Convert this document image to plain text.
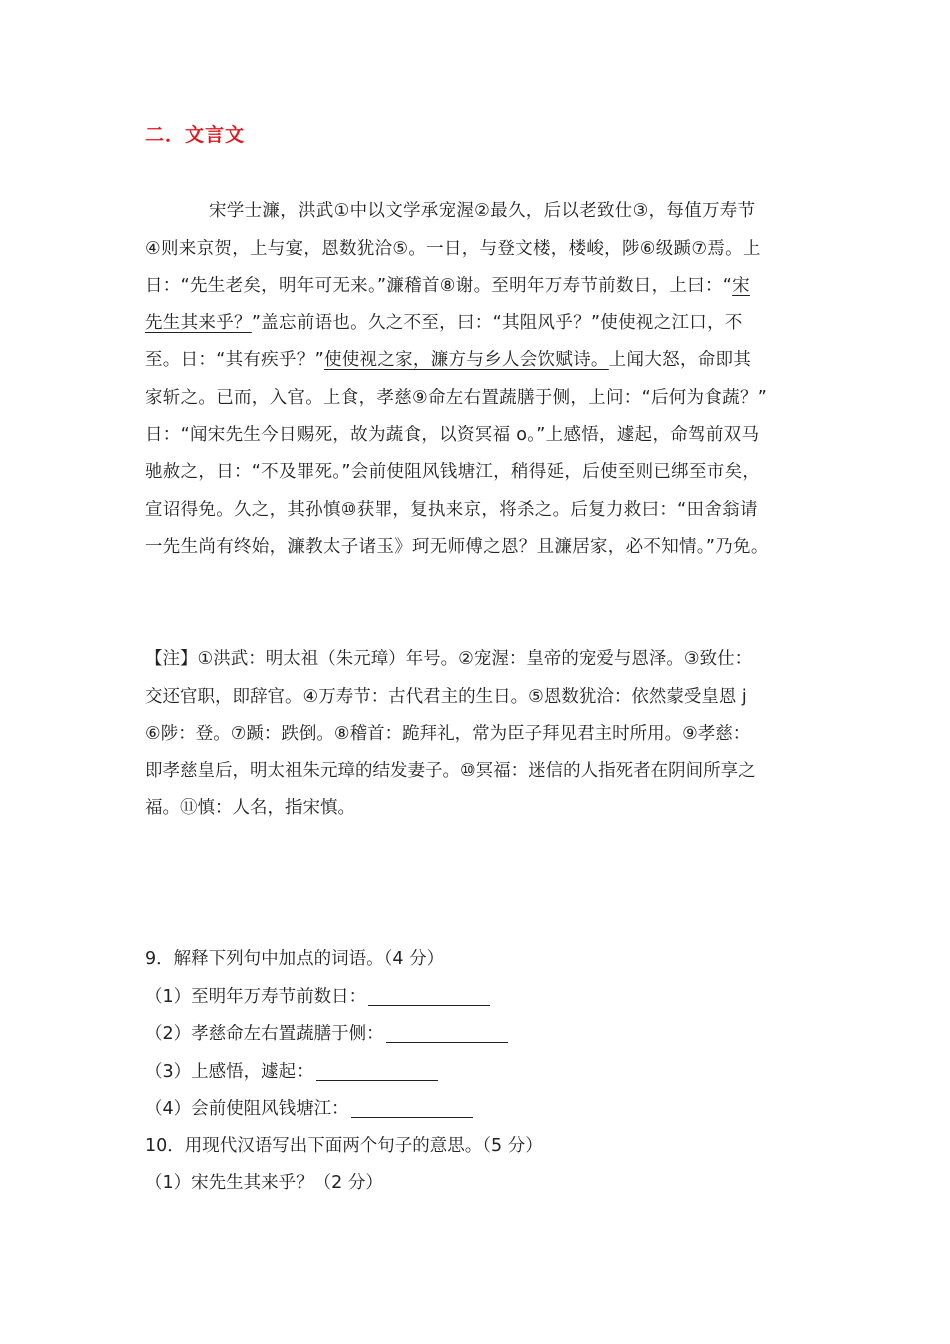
二．文言文
宋学士濂，洪武①中以文学承宠渥②最久，后以老致仕③，每值万寿节
④则来京贺，上与宴，恩数犹洽⑤。一日，与登文楼，楼峻，陟⑥级踬⑦焉。上
日：“先生老矣，明年可无来。”濂稽首⑧谢。至明年万寿节前数日，上曰：“宋
先生其来乎？”盖忘前语也。久之不至，曰：“其阻风乎？”使使视之江口，不
至。日：“其有疾乎？”使使视之家，濂方与乡人会饮赋诗。上闻大怒，命即其
家斩之。已而，入官。上食，孝慈⑨命左右置蔬膳于侧，上问：“后何为食蔬？”
日：“闻宋先生今日赐死，故为蔬食，以资冥福 o。”上感悟，遽起，命驾前双马
驰赦之，日：“不及罪死。”会前使阻风钱塘江，稍得延，后使至则已绑至市矣，
宣诏得免。久之，其孙慎⑩获罪，复执来京，将杀之。后复力救曰：“田舍翁请
一先生尚有终始，濂教太子诸玉》珂无师傅之恩？且濂居家，必不知情。”乃免。
【注】①洪武：明太祖（朱元璋）年号。②宠渥：皇帝的宠爱与恩泽。③致仕：
交还官职，即辞官。④万寿节：古代君主的生日。⑤恩数犹洽：依然蒙受皇恩 j
⑥陟：登。⑦踬：跌倒。⑧稽首：跪拜礼，常为臣子拜见君主时所用。⑨孝慈：
即孝慈皇后，明太祖朱元璋的结发妻子。⑩冥福：迷信的人指死者在阴间所享之
福。⑪慎：人名，指宋慎。
9．解释下列句中加点的词语。（4 分）
（1）至明年万寿节前数日：
（2）孝慈命左右置蔬膳于侧：
（3）上感悟，遽起：
（4）会前使阻风钱塘江：
10．用现代汉语写出下面两个句子的意思。（5 分）
（1）宋先生其来乎？（2 分）
